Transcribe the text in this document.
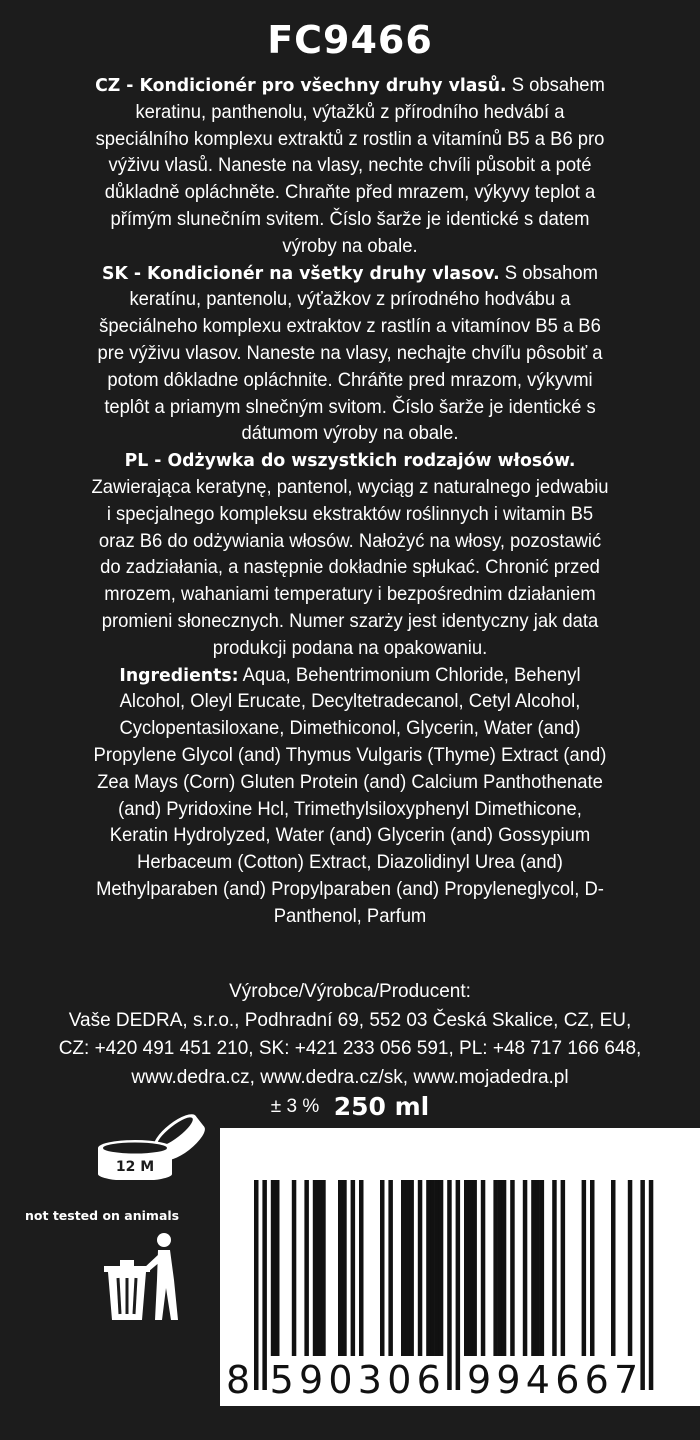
FC9466

CZ - Kondicionér pro všechny druhy vlasů. S obsahem keratinu, panthenolu, výtažků z přírodního hedvábí a speciálního komplexu extraktů z rostlin a vitamínů B5 a B6 pro výživu vlasů. Naneste na vlasy, nechte chvíli působit a poté důkladně opláchněte. Chraňte před mrazem, výkyvy teplot a přímým slunečním svitem. Číslo šarže je identické s datem výroby na obale.

SK - Kondicionér na všetky druhy vlasov. S obsahom keratínu, pantenolu, výťažkov z prírodného hodvábu a špeciálneho komplexu extraktov z rastlín a vitamínov B5 a B6 pre výživu vlasov. Naneste na vlasy, nechajte chvíľu pôsobiť a potom dôkladne opláchnite. Chráňte pred mrazom, výkyvmi teplôt a priamym slnečným svitom. Číslo šarže je identické s dátumom výroby na obale.

PL - Odżywka do wszystkich rodzajów włosów. Zawierająca keratynę, pantenol, wyciąg z naturalnego jedwabiu i specjalnego kompleksu ekstraktów roślinnych i witamin B5 oraz B6 do odżywiania włosów. Nałożyć na włosy, pozostawić do zadziałania, a następnie dokładnie spłukać. Chronić przed mrozem, wahaniami temperatury i bezpośrednim działaniem promieni słonecznych. Numer szarży jest identyczny jak data produkcji podana na opakowaniu.

Ingredients: Aqua, Behentrimonium Chloride, Behenyl Alcohol, Oleyl Erucate, Decyltetradecanol, Cetyl Alcohol, Cyclopentasiloxane, Dimethiconol, Glycerin, Water (and) Propylene Glycol (and) Thymus Vulgaris (Thyme) Extract (and) Zea Mays (Corn) Gluten Protein (and) Calcium Panthothenate (and) Pyridoxine Hcl, Trimethylsiloxyphenyl Dimethicone, Keratin Hydrolyzed, Water (and) Glycerin (and) Gossypium Herbaceum (Cotton) Extract, Diazolidinyl Urea (and) Methylparaben (and) Propylparaben (and) Propyleneglycol, D-Panthenol, Parfum

Výrobce/Výrobca/Producent:
Vaše DEDRA, s.r.o., Podhradní 69, 552 03 Česká Skalice, CZ, EU,
CZ: +420 491 451 210, SK: +421 233 056 591, PL: +48 717 166 648,
www.dedra.cz, www.dedra.cz/sk, www.mojadedra.pl
± 3 % 250 ml
12 M
not tested on animals
8 5 9 0 3 0 6 9 9 4 6 6 7
